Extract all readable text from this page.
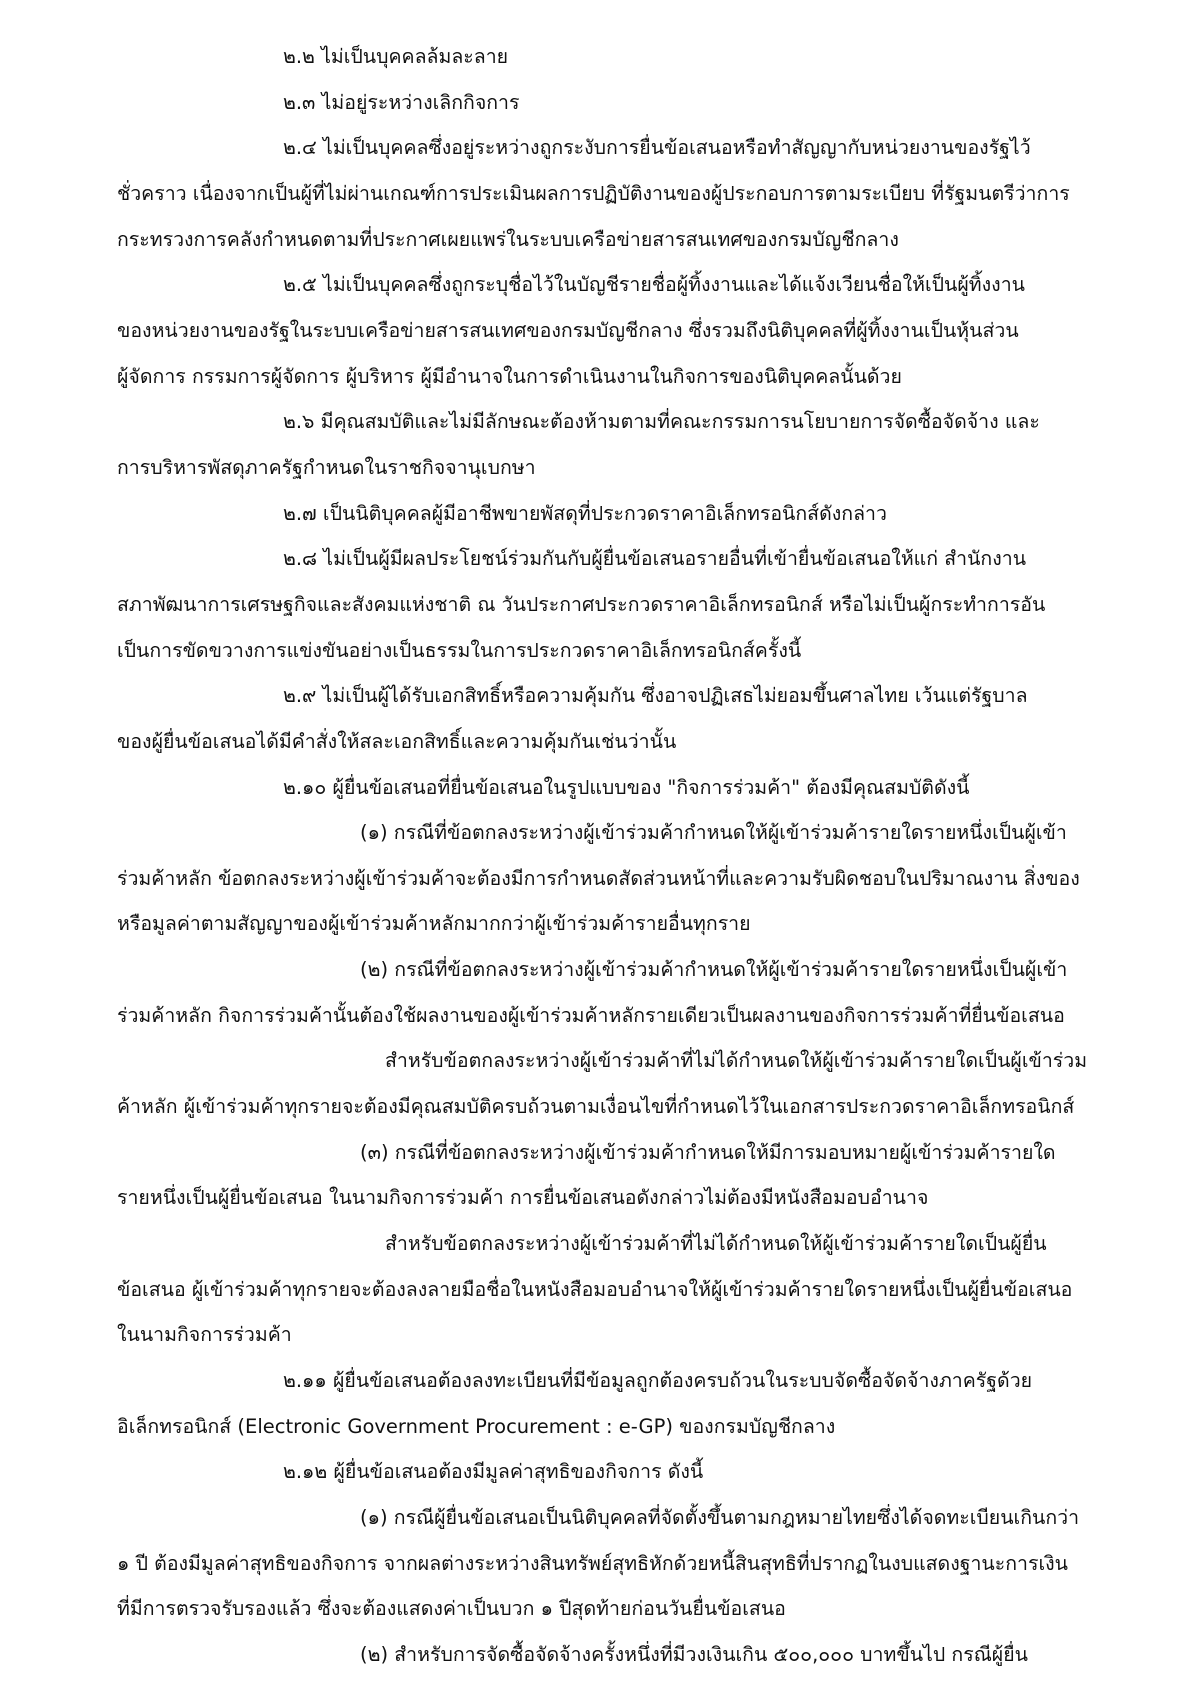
๒.๒ ไม่เป็นบุคคลล้มละลาย
๒.๓ ไม่อยู่ระหว่างเลิกกิจการ
๒.๔ ไม่เป็นบุคคลซึ่งอยู่ระหว่างถูกระงับการยื่นข้อเสนอหรือทำสัญญากับหน่วยงานของรัฐไว้
ชั่วคราว เนื่องจากเป็นผู้ที่ไม่ผ่านเกณฑ์การประเมินผลการปฏิบัติงานของผู้ประกอบการตามระเบียบ ที่รัฐมนตรีว่าการ
กระทรวงการคลังกำหนดตามที่ประกาศเผยแพร่ในระบบเครือข่ายสารสนเทศของกรมบัญชีกลาง
๒.๕ ไม่เป็นบุคคลซึ่งถูกระบุชื่อไว้ในบัญชีรายชื่อผู้ทิ้งงานและได้แจ้งเวียนชื่อให้เป็นผู้ทิ้งงาน
ของหน่วยงานของรัฐในระบบเครือข่ายสารสนเทศของกรมบัญชีกลาง ซึ่งรวมถึงนิติบุคคลที่ผู้ทิ้งงานเป็นหุ้นส่วน
ผู้จัดการ กรรมการผู้จัดการ ผู้บริหาร ผู้มีอำนาจในการดำเนินงานในกิจการของนิติบุคคลนั้นด้วย
๒.๖ มีคุณสมบัติและไม่มีลักษณะต้องห้ามตามที่คณะกรรมการนโยบายการจัดซื้อจัดจ้าง และ
การบริหารพัสดุภาครัฐกำหนดในราชกิจจานุเบกษา
๒.๗ เป็นนิติบุคคลผู้มีอาชีพขายพัสดุที่ประกวดราคาอิเล็กทรอนิกส์ดังกล่าว
๒.๘ ไม่เป็นผู้มีผลประโยชน์ร่วมกันกับผู้ยื่นข้อเสนอรายอื่นที่เข้ายื่นข้อเสนอให้แก่ สำนักงาน
สภาพัฒนาการเศรษฐกิจและสังคมแห่งชาติ ณ วันประกาศประกวดราคาอิเล็กทรอนิกส์ หรือไม่เป็นผู้กระทำการอัน
เป็นการขัดขวางการแข่งขันอย่างเป็นธรรมในการประกวดราคาอิเล็กทรอนิกส์ครั้งนี้
๒.๙ ไม่เป็นผู้ได้รับเอกสิทธิ์หรือความคุ้มกัน ซึ่งอาจปฏิเสธไม่ยอมขึ้นศาลไทย เว้นแต่รัฐบาล
ของผู้ยื่นข้อเสนอได้มีคำสั่งให้สละเอกสิทธิ์และความคุ้มกันเช่นว่านั้น
๒.๑๐ ผู้ยื่นข้อเสนอที่ยื่นข้อเสนอในรูปแบบของ "กิจการร่วมค้า" ต้องมีคุณสมบัติดังนี้
(๑) กรณีที่ข้อตกลงระหว่างผู้เข้าร่วมค้ากำหนดให้ผู้เข้าร่วมค้ารายใดรายหนึ่งเป็นผู้เข้า
ร่วมค้าหลัก ข้อตกลงระหว่างผู้เข้าร่วมค้าจะต้องมีการกำหนดสัดส่วนหน้าที่และความรับผิดชอบในปริมาณงาน สิ่งของ
หรือมูลค่าตามสัญญาของผู้เข้าร่วมค้าหลักมากกว่าผู้เข้าร่วมค้ารายอื่นทุกราย
(๒) กรณีที่ข้อตกลงระหว่างผู้เข้าร่วมค้ากำหนดให้ผู้เข้าร่วมค้ารายใดรายหนึ่งเป็นผู้เข้า
ร่วมค้าหลัก กิจการร่วมค้านั้นต้องใช้ผลงานของผู้เข้าร่วมค้าหลักรายเดียวเป็นผลงานของกิจการร่วมค้าที่ยื่นข้อเสนอ
สำหรับข้อตกลงระหว่างผู้เข้าร่วมค้าที่ไม่ได้กำหนดให้ผู้เข้าร่วมค้ารายใดเป็นผู้เข้าร่วม
ค้าหลัก ผู้เข้าร่วมค้าทุกรายจะต้องมีคุณสมบัติครบถ้วนตามเงื่อนไขที่กำหนดไว้ในเอกสารประกวดราคาอิเล็กทรอนิกส์
(๓) กรณีที่ข้อตกลงระหว่างผู้เข้าร่วมค้ากำหนดให้มีการมอบหมายผู้เข้าร่วมค้ารายใด
รายหนึ่งเป็นผู้ยื่นข้อเสนอ ในนามกิจการร่วมค้า การยื่นข้อเสนอดังกล่าวไม่ต้องมีหนังสือมอบอำนาจ
สำหรับข้อตกลงระหว่างผู้เข้าร่วมค้าที่ไม่ได้กำหนดให้ผู้เข้าร่วมค้ารายใดเป็นผู้ยื่น
ข้อเสนอ ผู้เข้าร่วมค้าทุกรายจะต้องลงลายมือชื่อในหนังสือมอบอำนาจให้ผู้เข้าร่วมค้ารายใดรายหนึ่งเป็นผู้ยื่นข้อเสนอ
ในนามกิจการร่วมค้า
๒.๑๑ ผู้ยื่นข้อเสนอต้องลงทะเบียนที่มีข้อมูลถูกต้องครบถ้วนในระบบจัดซื้อจัดจ้างภาครัฐด้วย
อิเล็กทรอนิกส์ (Electronic Government Procurement : e-GP) ของกรมบัญชีกลาง
๒.๑๒ ผู้ยื่นข้อเสนอต้องมีมูลค่าสุทธิของกิจการ ดังนี้
(๑) กรณีผู้ยื่นข้อเสนอเป็นนิติบุคคลที่จัดตั้งขึ้นตามกฎหมายไทยซึ่งได้จดทะเบียนเกินกว่า
๑ ปี ต้องมีมูลค่าสุทธิของกิจการ จากผลต่างระหว่างสินทรัพย์สุทธิหักด้วยหนี้สินสุทธิที่ปรากฏในงบแสดงฐานะการเงิน
ที่มีการตรวจรับรองแล้ว ซึ่งจะต้องแสดงค่าเป็นบวก ๑ ปีสุดท้ายก่อนวันยื่นข้อเสนอ
(๒) สำหรับการจัดซื้อจัดจ้างครั้งหนึ่งที่มีวงเงินเกิน ๕๐๐,๐๐๐ บาทขึ้นไป กรณีผู้ยื่น
